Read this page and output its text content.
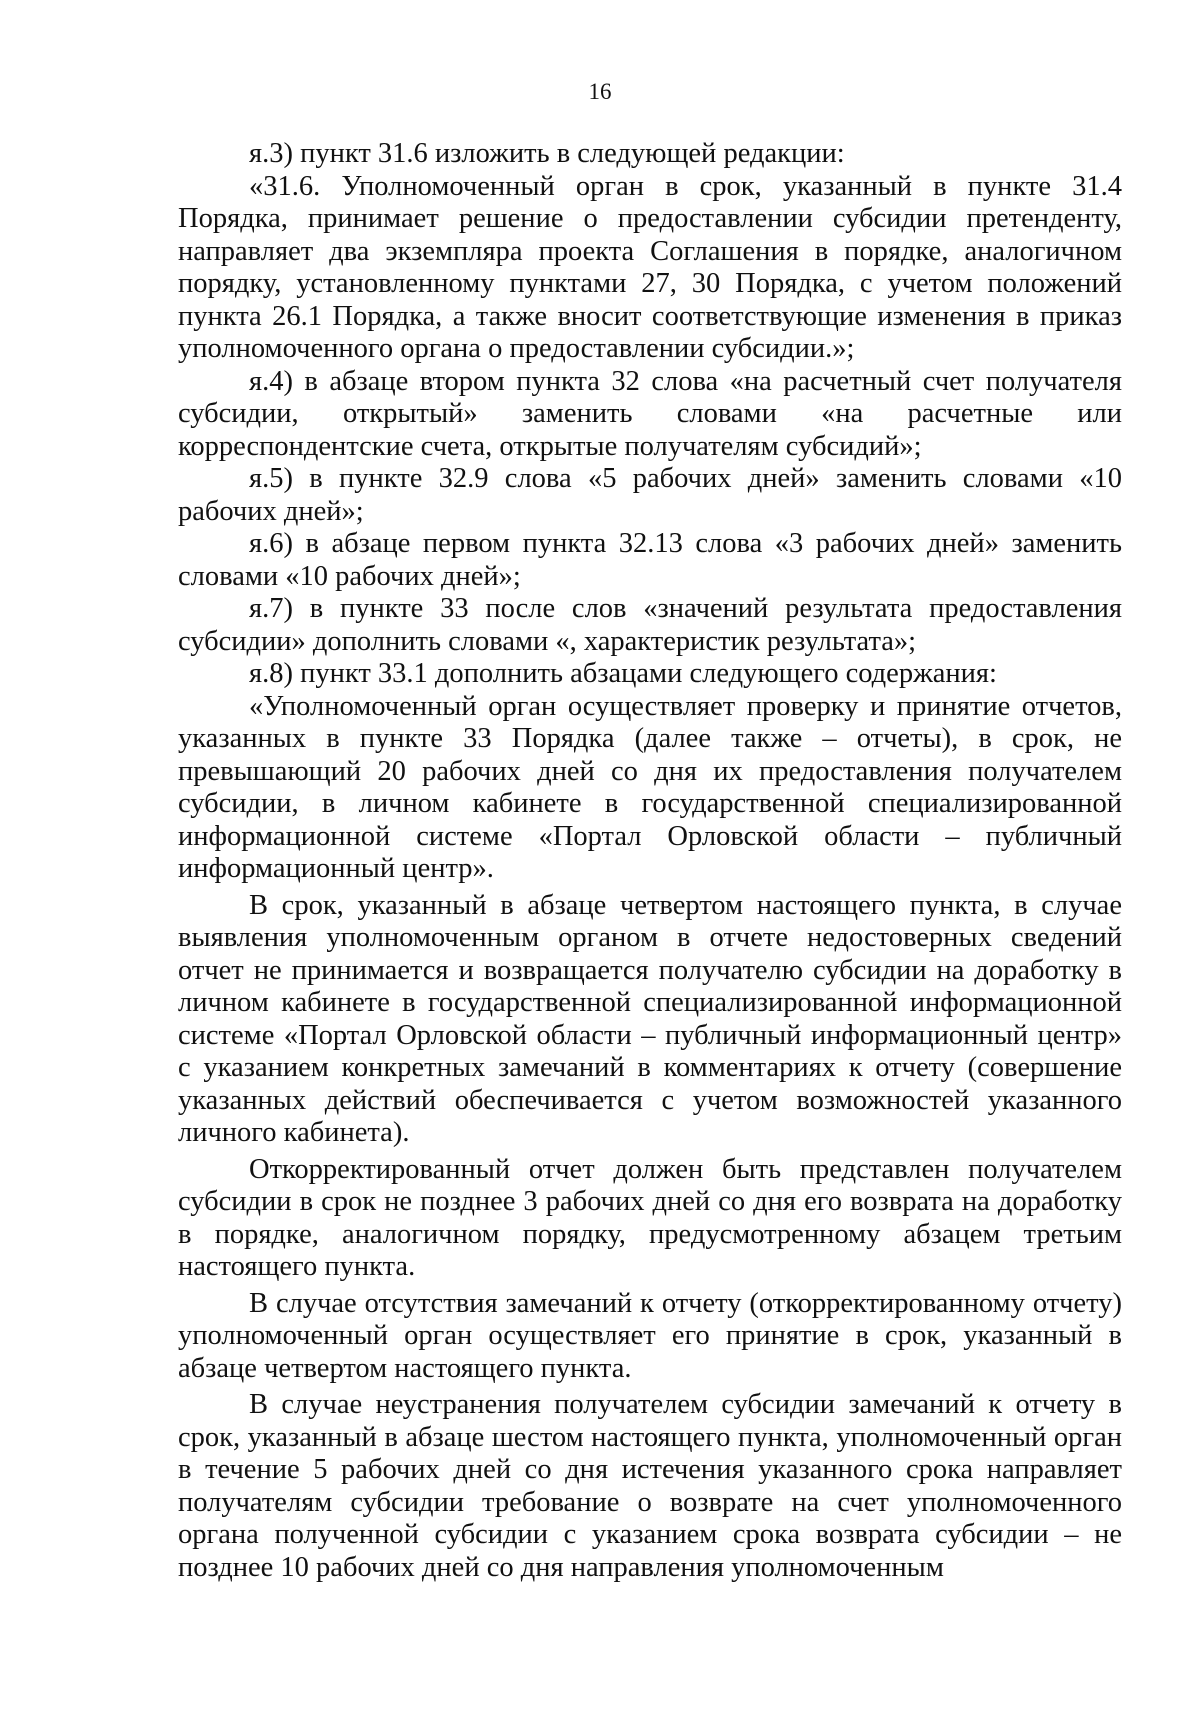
16

я.3) пункт 31.6 изложить в следующей редакции:

«31.6. Уполномоченный орган в срок, указанный в пункте 31.4 Порядка, принимает решение о предоставлении субсидии претенденту, направляет два экземпляра проекта Соглашения в порядке, аналогичном порядку, установленному пунктами 27, 30 Порядка, с учетом положений пункта 26.1 Порядка, а также вносит соответствующие изменения в приказ уполномоченного органа о предоставлении субсидии.»;

я.4) в абзаце втором пункта 32 слова «на расчетный счет получателя субсидии, открытый» заменить словами «на расчетные или корреспондентские счета, открытые получателям субсидий»;

я.5) в пункте 32.9 слова «5 рабочих дней» заменить словами «10 рабочих дней»;

я.6) в абзаце первом пункта 32.13 слова «3 рабочих дней» заменить словами «10 рабочих дней»;

я.7) в пункте 33 после слов «значений результата предоставления субсидии» дополнить словами «, характеристик результата»;

я.8) пункт 33.1 дополнить абзацами следующего содержания:

«Уполномоченный орган осуществляет проверку и принятие отчетов, указанных в пункте 33 Порядка (далее также – отчеты), в срок, не превышающий 20 рабочих дней со дня их предоставления получателем субсидии, в личном кабинете в государственной специализированной информационной системе «Портал Орловской области – публичный информационный центр».

В срок, указанный в абзаце четвертом настоящего пункта, в случае выявления уполномоченным органом в отчете недостоверных сведений отчет не принимается и возвращается получателю субсидии на доработку в личном кабинете в государственной специализированной информационной системе «Портал Орловской области – публичный информационный центр» с указанием конкретных замечаний в комментариях к отчету (совершение указанных действий обеспечивается с учетом возможностей указанного личного кабинета).

Откорректированный отчет должен быть представлен получателем субсидии в срок не позднее 3 рабочих дней со дня его возврата на доработку в порядке, аналогичном порядку, предусмотренному абзацем третьим настоящего пункта.

В случае отсутствия замечаний к отчету (откорректированному отчету) уполномоченный орган осуществляет его принятие в срок, указанный в абзаце четвертом настоящего пункта.

В случае неустранения получателем субсидии замечаний к отчету в срок, указанный в абзаце шестом настоящего пункта, уполномоченный орган в течение 5 рабочих дней со дня истечения указанного срока направляет получателям субсидии требование о возврате на счет уполномоченного органа полученной субсидии с указанием срока возврата субсидии – не позднее 10 рабочих дней со дня направления уполномоченным
